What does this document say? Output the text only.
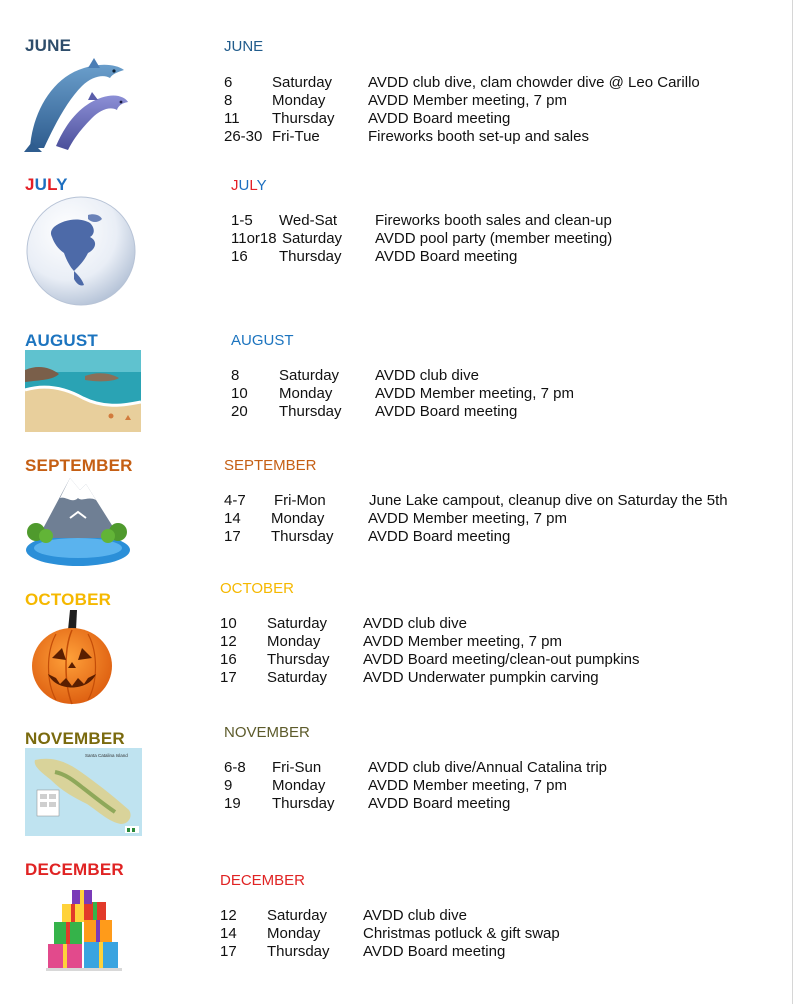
JUNE	JUNE
6	Saturday AVDD club dive, clam chowder dive @ Leo Carillo
8	Monday	AVDD Member meeting, 7 pm
11 Thursday AVDD Board meeting
26-30 Fri-Tue	Fireworks booth set-up and sales
JULY	JULY
1-5 Wed-Sat	Fireworks booth sales and clean-up
11or18 Saturday AVDD pool party (member meeting)
16 Thursday AVDD Board meeting
AUGUST	AUGUST
8	Saturday AVDD club dive
10 Monday	AVDD Member meeting, 7 pm
20 Thursday AVDD Board meeting
SEPTEMBER	SEPTEMBER
4-7 Fri-Mon	June Lake campout, cleanup dive on Saturday the 5th
14 Monday	AVDD Member meeting, 7 pm
17 Thursday AVDD Board meeting
OCTOBER
OCTOBER
10 Saturday AVDD club dive
12 Monday	AVDD Member meeting, 7 pm
16 Thursday AVDD Board meeting/clean-out pumpkins
17 Saturday AVDD Underwater pumpkin carving
NOVEMBER
Santa Catalina Island
NOVEMBER
6-8 Fri-Sun	AVDD club dive/Annual Catalina trip
9	Monday	AVDD Member meeting, 7 pm
19 Thursday AVDD Board meeting
DECEMBER
DECEMBER
12 Saturday AVDD club dive
14 Monday	Christmas potluck & gift swap
17 Thursday AVDD Board meeting
